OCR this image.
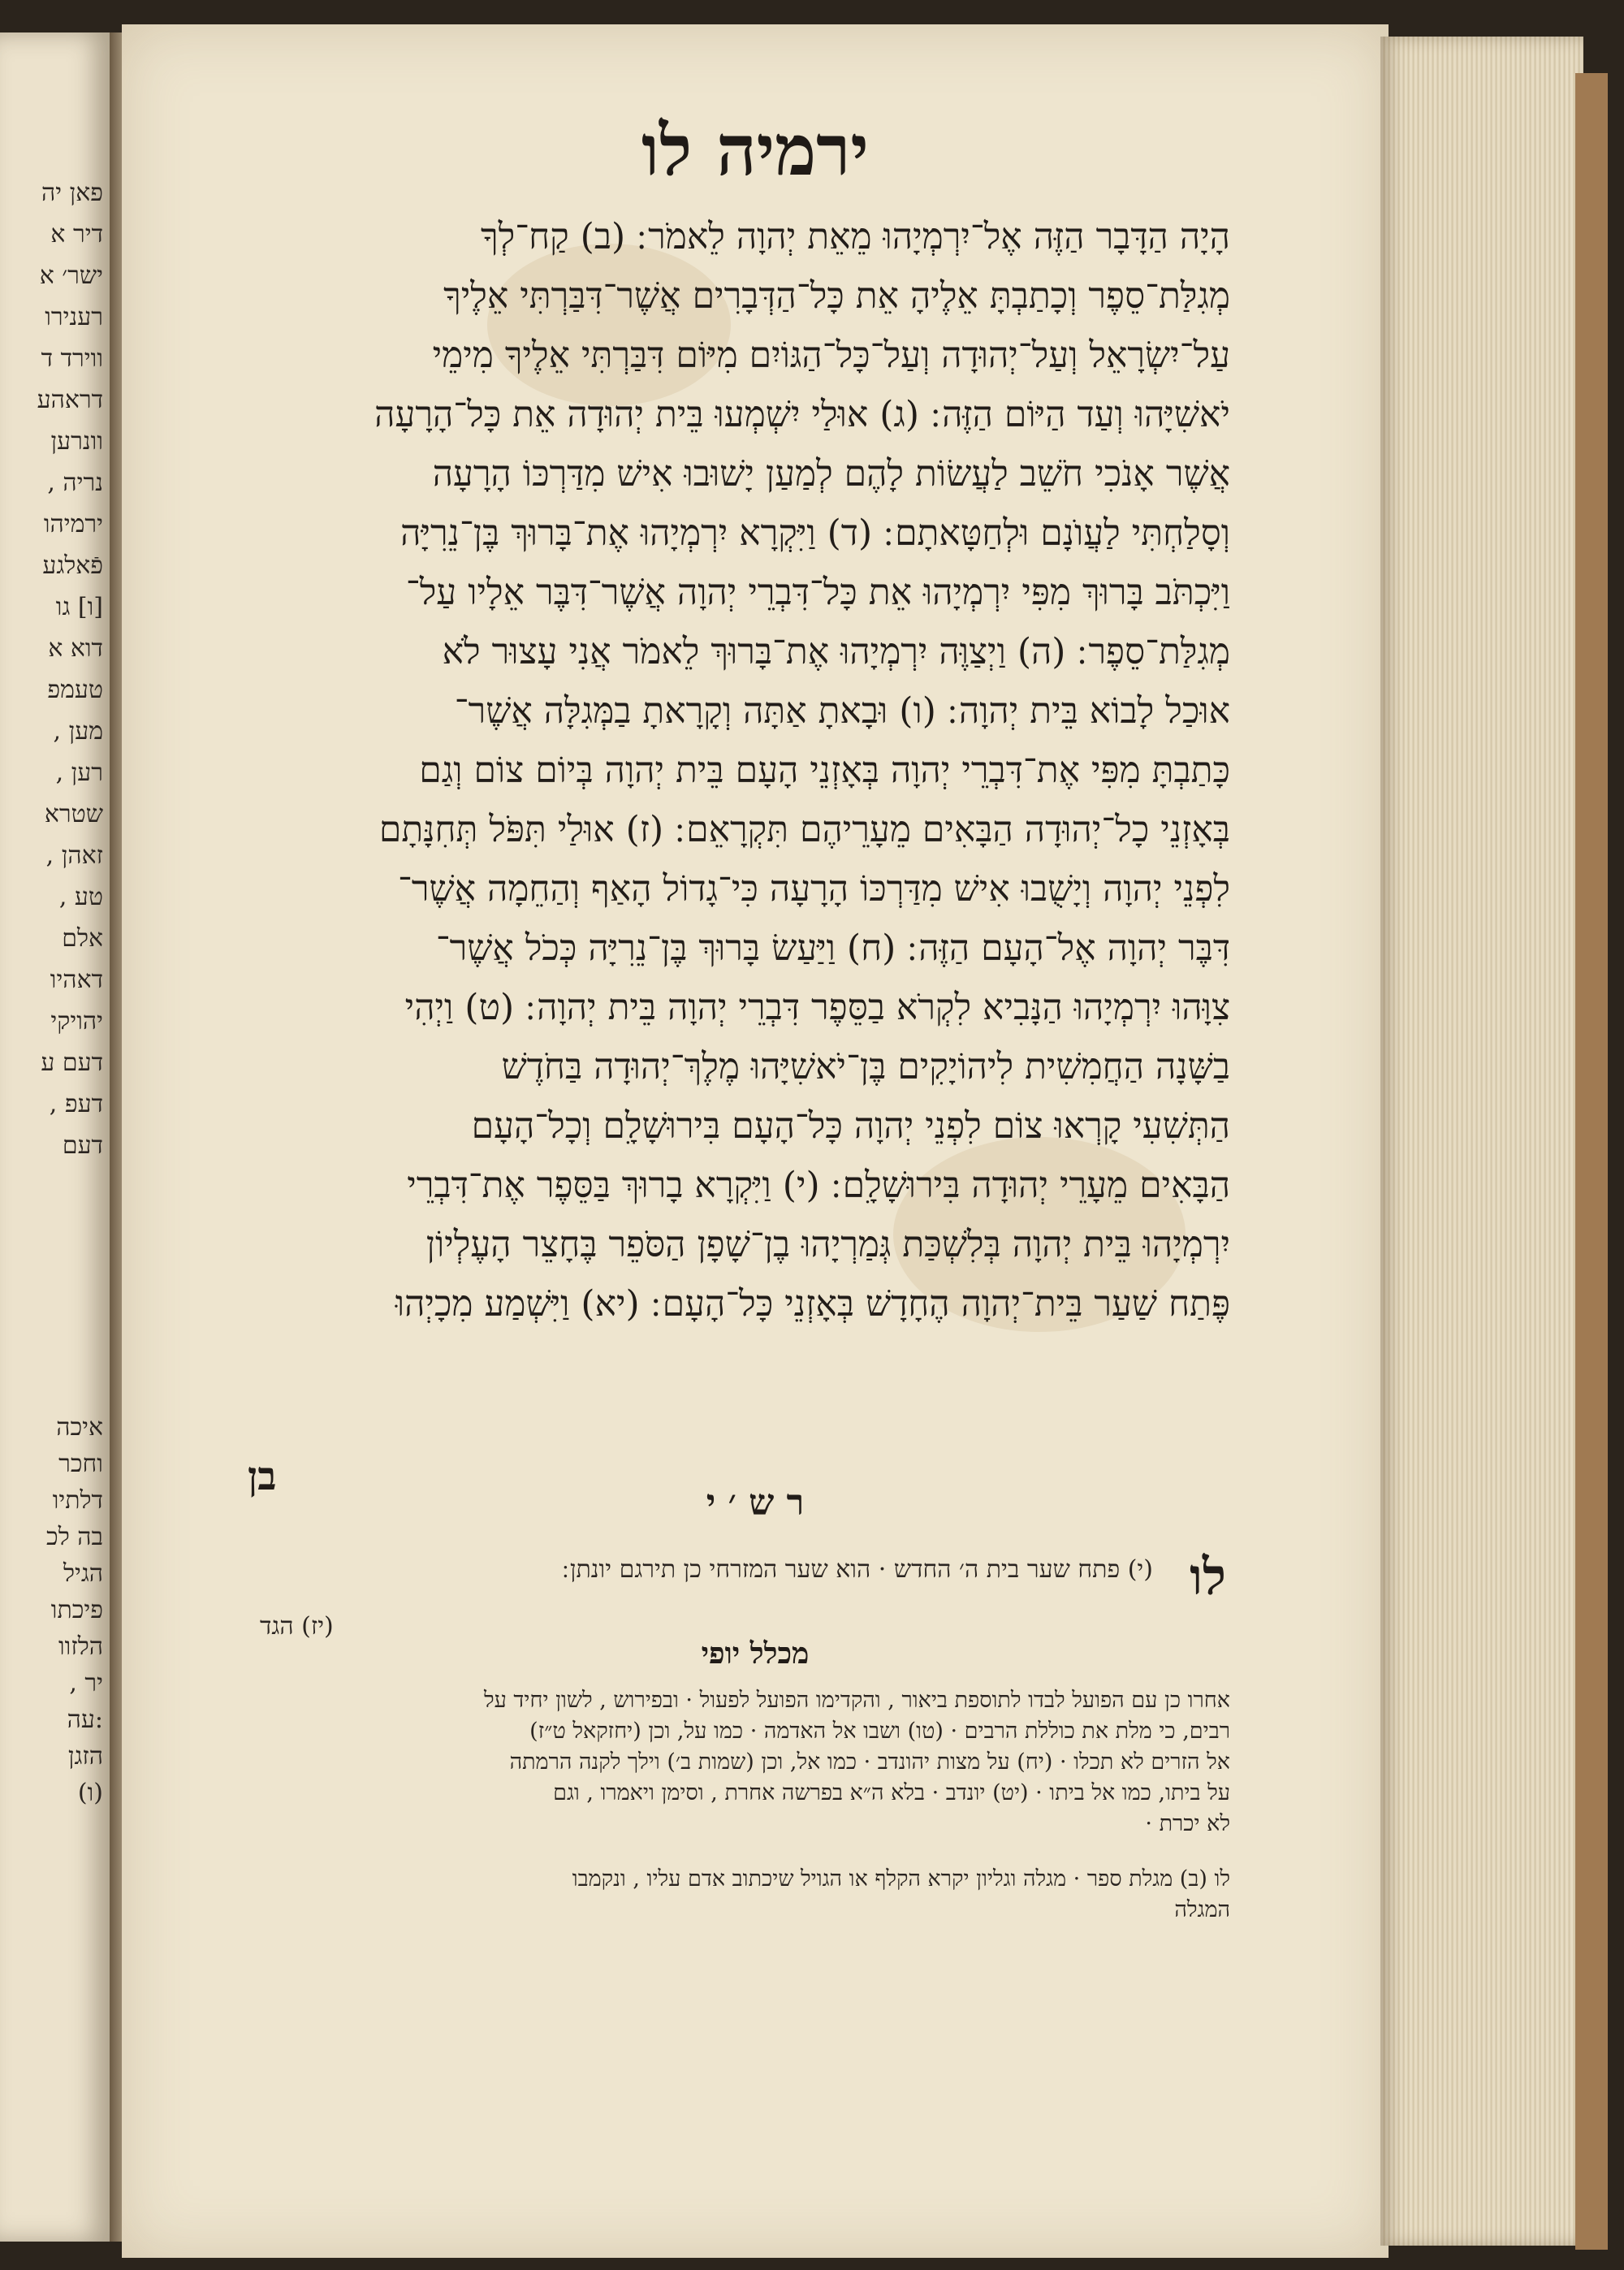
פאן יה
דיר א
ישר׳ א
רענירו
ווירד ד
דראהע
וונרען
נריה ,
ירמיהו
פֿאלגע
[ו] גו
דוא א
טעמפ
מען ,
רען ,
שטרא
זאהן ,
טע ,
אלם
דאהיו
יהויקי
דעם ע
דעפ ,
דעם
איכה
וחכר
דלתיו
בה לכ
הגיל
פיכתו
הלזוו
יר ,
:עה
הזגן
(ו)
ירמיה לו
הָיָה הַדָּבָר הַזֶּה אֶל־יִרְמְיָהוּ מֵאֵת יְהוָה לֵאמֹר ׃ (ב) קַח־לְךָ
מְגִלַּת־סֵפֶר וְכָתַבְתָּ אֵלֶיהָ אֵת כָּל־הַדְּבָרִים אֲשֶׁר־דִּבַּרְתִּי אֵלֶיךָ
עַל־יִשְׂרָאֵל וְעַל־יְהוּדָה וְעַל־כָּל־הַגּוֹיִם מִיּוֹם דִּבַּרְתִּי אֵלֶיךָ מִימֵי
יֹאשִׁיָּהוּ וְעַד הַיּוֹם הַזֶּה ׃ (ג) אוּלַי יִשְׁמְעוּ בֵּית יְהוּדָה אֵת כָּל־הָרָעָה
אֲשֶׁר אָנֹכִי חֹשֵׁב לַעֲשׂוֹת לָהֶם לְמַעַן יָשׁוּבוּ אִישׁ מִדַּרְכּוֹ הָרָעָה
וְסָלַחְתִּי לַעֲוֺנָם וּלְחַטָּאתָם ׃ (ד) וַיִּקְרָא יִרְמְיָהוּ אֶת־בָּרוּךְ בֶּן־נֵרִיָּה
וַיִּכְתֹּב בָּרוּךְ מִפִּי יִרְמְיָהוּ אֵת כָּל־דִּבְרֵי יְהוָה אֲשֶׁר־דִּבֶּר אֵלָיו עַל־
מְגִלַּת־סֵפֶר ׃ (ה) וַיְצַוֶּה יִרְמְיָהוּ אֶת־בָּרוּךְ לֵאמֹר אֲנִי עָצוּר לֹא
אוּכַל לָבוֹא בֵּית יְהוָה ׃ (ו) וּבָאתָ אַתָּה וְקָרָאתָ בַמְּגִלָּה אֲשֶׁר־
כָּתַבְתָּ מִפִּי אֶת־דִּבְרֵי יְהוָה בְּאָזְנֵי הָעָם בֵּית יְהוָה בְּיוֹם צוֹם וְגַם
בְּאָזְנֵי כָל־יְהוּדָה הַבָּאִים מֵעָרֵיהֶם תִּקְרָאֵם ׃ (ז) אוּלַי תִּפֹּל תְּחִנָּתָם
לִפְנֵי יְהוָה וְיָשֻׁבוּ אִישׁ מִדַּרְכּוֹ הָרָעָה כִּי־גָדוֹל הָאַף וְהַחֵמָה אֲשֶׁר־
דִּבֶּר יְהוָה אֶל־הָעָם הַזֶּה ׃ (ח) וַיַּעַשׂ בָּרוּךְ בֶּן־נֵרִיָּה כְּכֹל אֲשֶׁר־
צִוָּהוּ יִרְמְיָהוּ הַנָּבִיא לִקְרֹא בַסֵּפֶר דִּבְרֵי יְהוָה בֵּית יְהוָה ׃ (ט) וַיְהִי
בַשָּׁנָה הַחֲמִשִׁית לִיהוֹיָקִים בֶּן־יֹאשִׁיָּהוּ מֶלֶךְ־יְהוּדָה בַּחֹדֶשׁ
הַתְּשִׁעִי קָרְאוּ צוֹם לִפְנֵי יְהוָה כָּל־הָעָם בִּירוּשָׁלָ͏ִם וְכָל־הָעָם
הַבָּאִים מֵעָרֵי יְהוּדָה בִּירוּשָׁלָ͏ִם ׃ (י) וַיִּקְרָא בָרוּךְ בַּסֵּפֶר אֶת־דִּבְרֵי
יִרְמְיָהוּ בֵּית יְהוָה בְּלִשְׁכַּת גְּמַרְיָהוּ בֶן־שָׁפָן הַסֹּפֵר בֶּחָצֵר הָעֶלְיוֹן
פֶּתַח שַׁעַר בֵּית־יְהוָה הֶחָדָשׁ בְּאָזְנֵי כָּל־הָעָם ׃ (יא) וַיִּשְׁמַע מִכָיְהוּ
בן
ר ש ׳ י
לו
(י) פתח שער בית ה׳ החדש · הוא שער המזרחי כן תירגם יונתן ׃
(יז) הגד
מכלל יופי
אחרו כן עם הפועל לבדו לתוספת ביאור , והקדימו הפועל לפעול · ובפירוש , לשון יחיד על
רבים, כי מלת את כוללת הרבים · (טו) ושבו אל האדמה · כמו על, וכן (יחזקאל ט״ז)
אל הזרים לא תכלו · (יח) על מצות יהונדב · כמו אל, וכן (שמות ב׳) וילך לקנה הרמתה
על ביתו, כמו אל ביתו · (יט) יונדב · בלא ה״א בפרשה אחרת , וסימן ויאמרו , וגם
לא יכרת ·
לו (ב) מגלת ספר · מגלה וגליון יקרא הקלף או הגויל שיכתוב אדם עליו , ונקמבו
המגלה
